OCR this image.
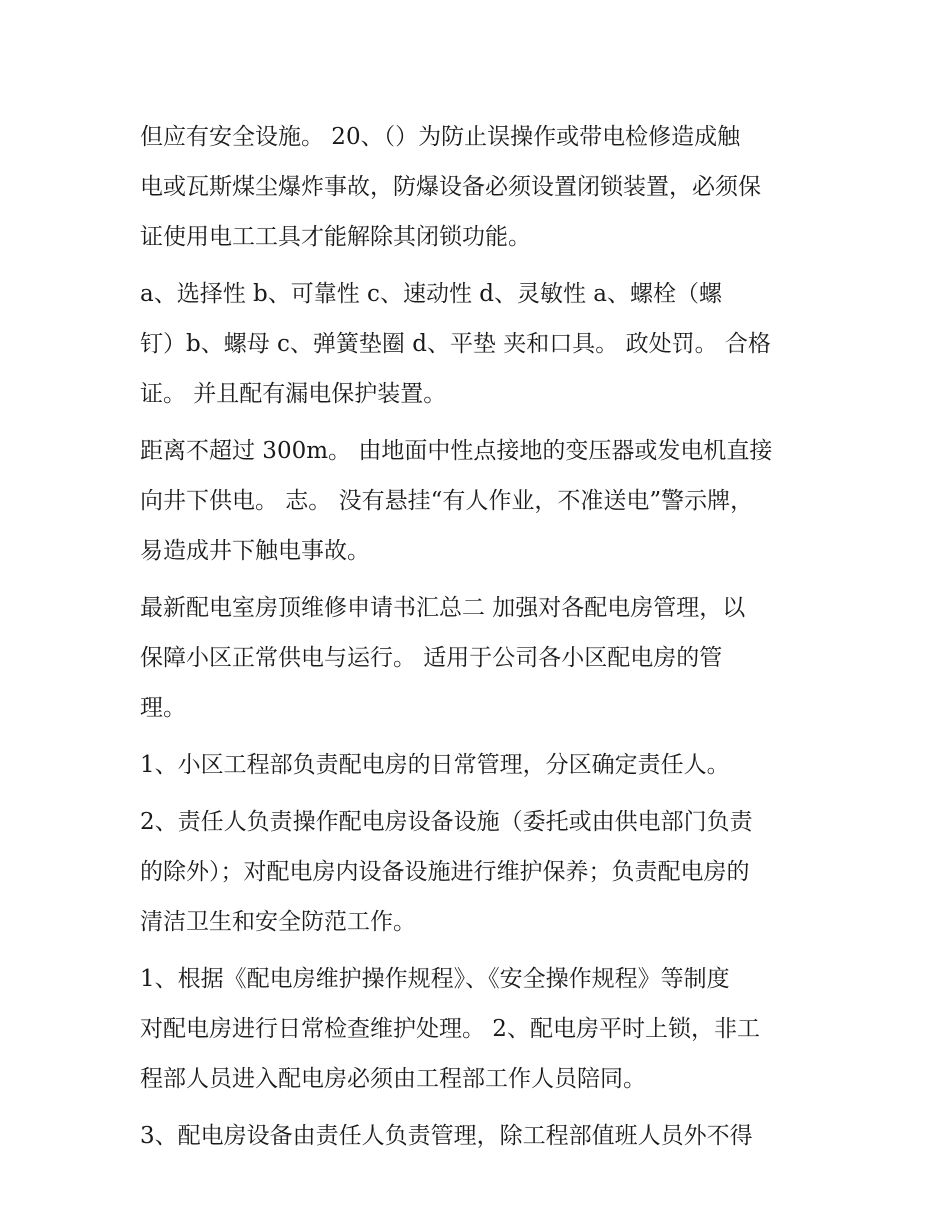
但应有安全设施。 20、（）为防止误操作或带电检修造成触
电或瓦斯煤尘爆炸事故，防爆设备必须设置闭锁装置，必须保
证使用电工工具才能解除其闭锁功能。

a、选择性 b、可靠性 c、速动性 d、灵敏性 a、螺栓（螺
钉）b、螺母 c、弹簧垫圈 d、平垫 夹和口具。 政处罚。 合格
证。 并且配有漏电保护装置。

距离不超过 300m。 由地面中性点接地的变压器或发电机直接
向井下供电。 志。 没有悬挂“有人作业，不准送电”警示牌，
易造成井下触电事故。

最新配电室房顶维修申请书汇总二 加强对各配电房管理，以
保障小区正常供电与运行。 适用于公司各小区配电房的管
理。

1、小区工程部负责配电房的日常管理，分区确定责任人。

2、责任人负责操作配电房设备设施（委托或由供电部门负责
的除外）；对配电房内设备设施进行维护保养；负责配电房的
清洁卫生和安全防范工作。

1、根据《配电房维护操作规程》、《安全操作规程》等制度
对配电房进行日常检查维护处理。 2、配电房平时上锁，非工
程部人员进入配电房必须由工程部工作人员陪同。

3、配电房设备由责任人负责管理，除工程部值班人员外不得
